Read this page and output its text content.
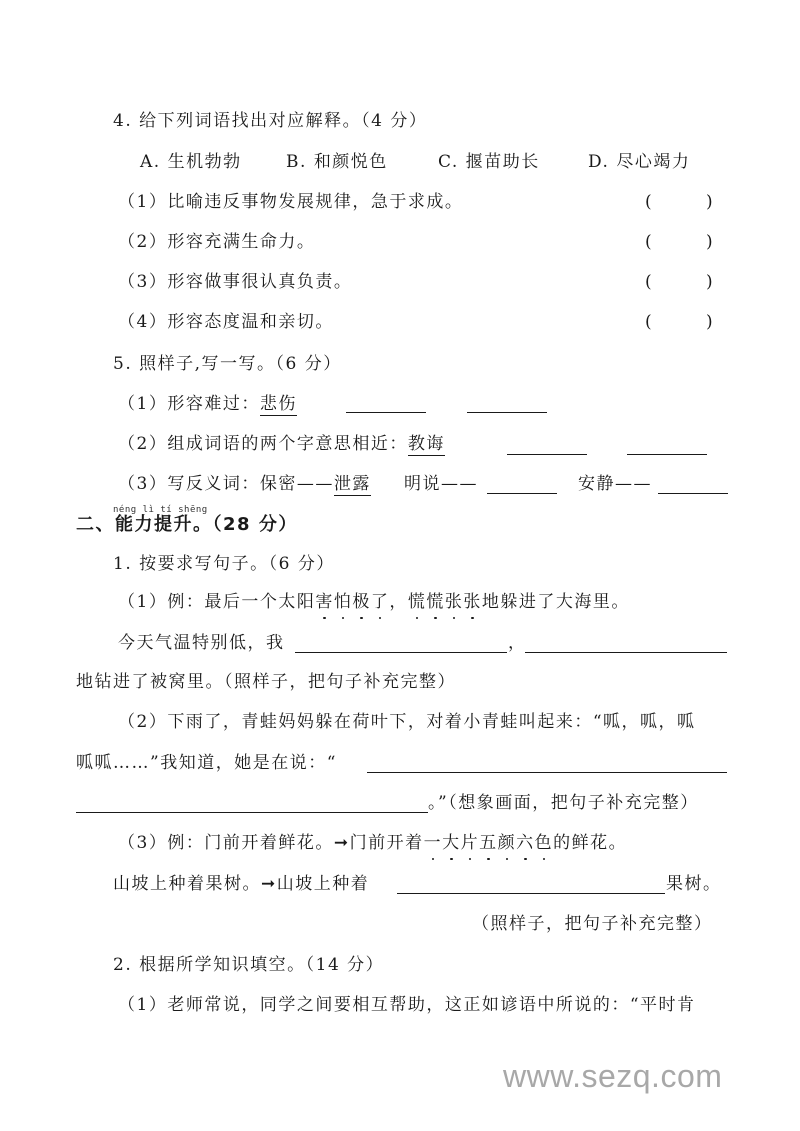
4. 给下列词语找出对应解释。（4 分）
A. 生机勃勃	B. 和颜悦色	C. 揠苗助长	D. 尽心竭力
（1）比喻违反事物发展规律，急于求成。	(	)
（2）形容充满生命力。	(	)
（3）形容做事很认真负责。	(	)
（4）形容态度温和亲切。	(	)
5. 照样子,写一写。（6 分）
（1）形容难过：悲伤
（2）组成词语的两个字意思相近：教诲
（3）写反义词：保密——泄露 明说——	安静——
néng lì tí shēng
二、能力提升。（28 分）
1. 按要求写句子。（6 分）
（1）例：最后一个太阳害怕极了，慌慌张张地躲进了大海里。
今天气温特别低，我	，
地钻进了被窝里。（照样子，把句子补充完整）
（2）下雨了，青蛙妈妈躲在荷叶下，对着小青蛙叫起来：“呱，呱，呱
呱呱……”我知道，她是在说：“
。”（想象画面，把句子补充完整）
（3）例：门前开着鲜花。➞门前开着一大片五颜六色的鲜花。
山坡上种着果树。➞山坡上种着	果树。
（照样子，把句子补充完整）
2. 根据所学知识填空。（14 分）
（1）老师常说，同学之间要相互帮助，这正如谚语中所说的：“平时肯
www.sezq.com
